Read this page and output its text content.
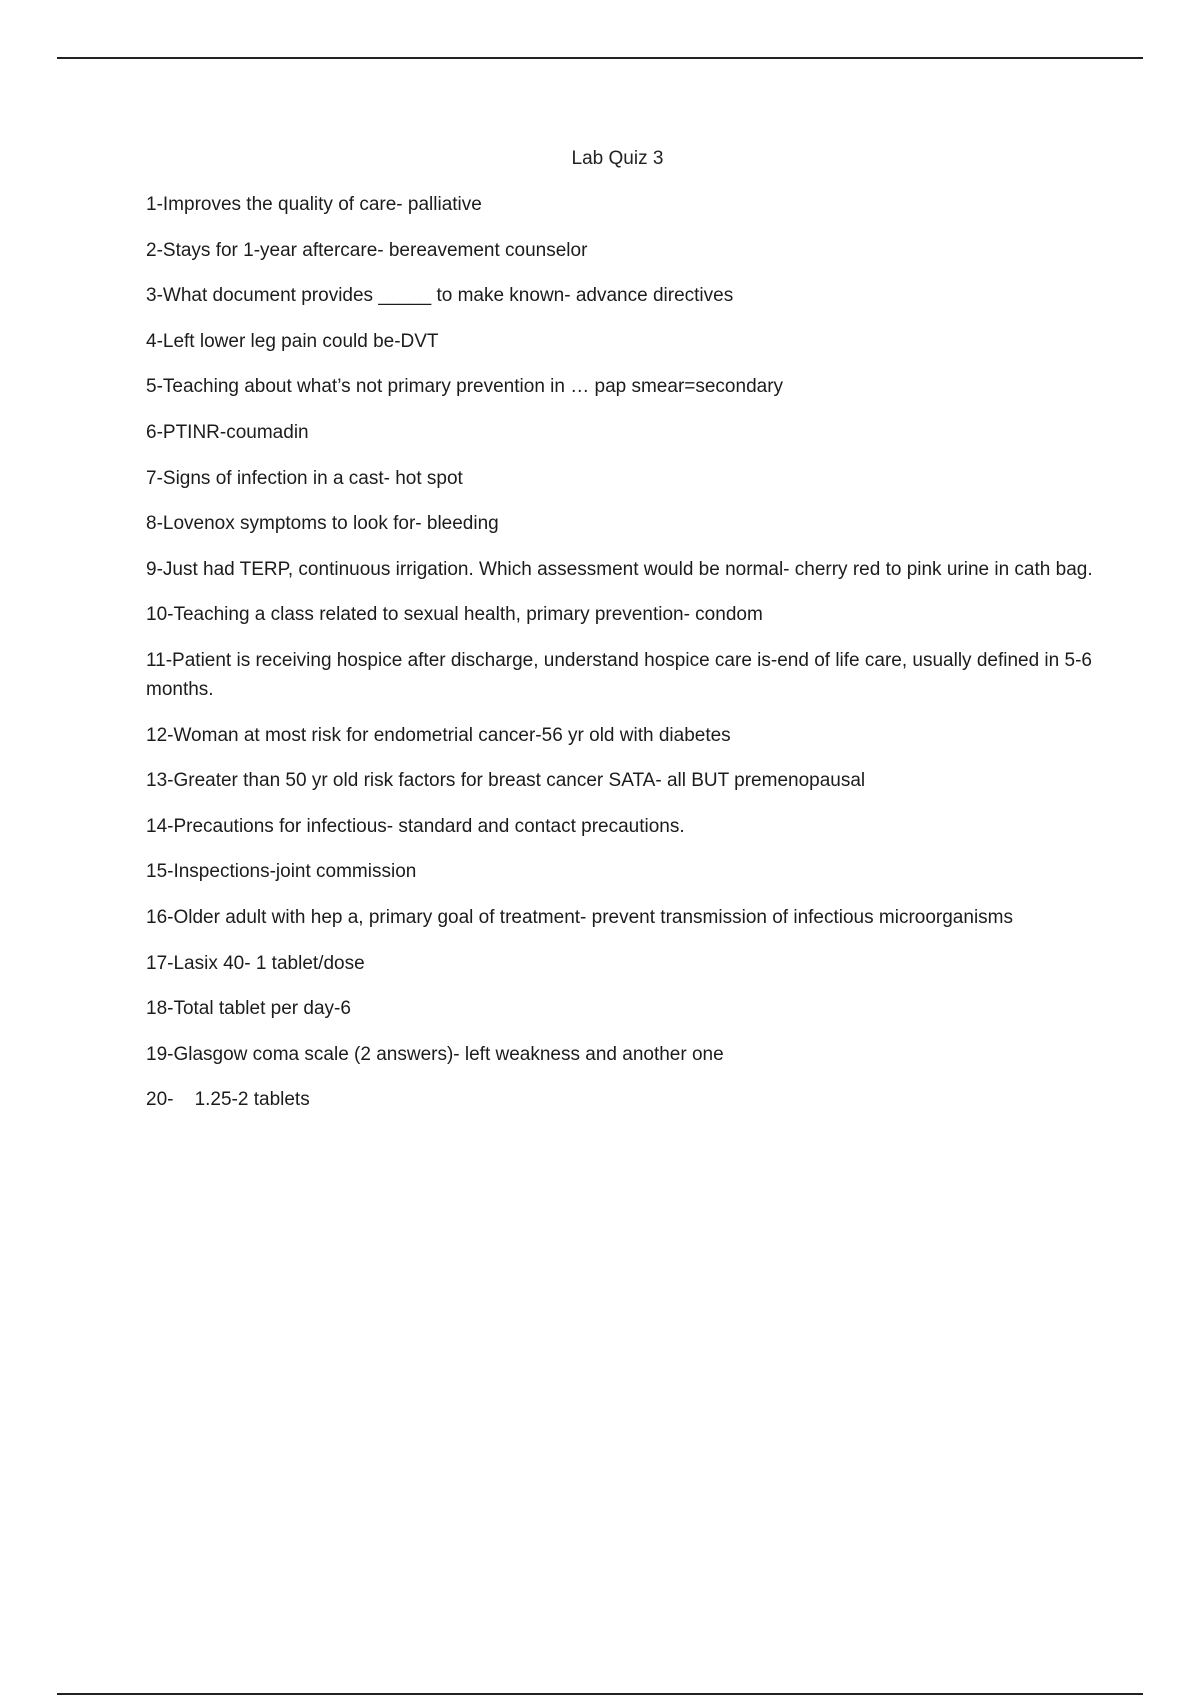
Lab Quiz 3
1-Improves the quality of care- palliative
2-Stays for 1-year aftercare- bereavement counselor
3-What document provides _____ to make known- advance directives
4-Left lower leg pain could be-DVT
5-Teaching about what’s not primary prevention in … pap smear=secondary
6-PTINR-coumadin
7-Signs of infection in a cast- hot spot
8-Lovenox symptoms to look for- bleeding
9-Just had TERP, continuous irrigation. Which assessment would be normal- cherry red to pink urine in cath bag.
10-Teaching a class related to sexual health, primary prevention- condom
11-Patient is receiving hospice after discharge, understand hospice care is-end of life care, usually defined in 5-6 months.
12-Woman at most risk for endometrial cancer-56 yr old with diabetes
13-Greater than 50 yr old risk factors for breast cancer SATA- all BUT premenopausal
14-Precautions for infectious- standard and contact precautions.
15-Inspections-joint commission
16-Older adult with hep a, primary goal of treatment- prevent transmission of infectious microorganisms
17-Lasix 40- 1 tablet/dose
18-Total tablet per day-6
19-Glasgow coma scale (2 answers)- left weakness and another one
20-    1.25-2 tablets
